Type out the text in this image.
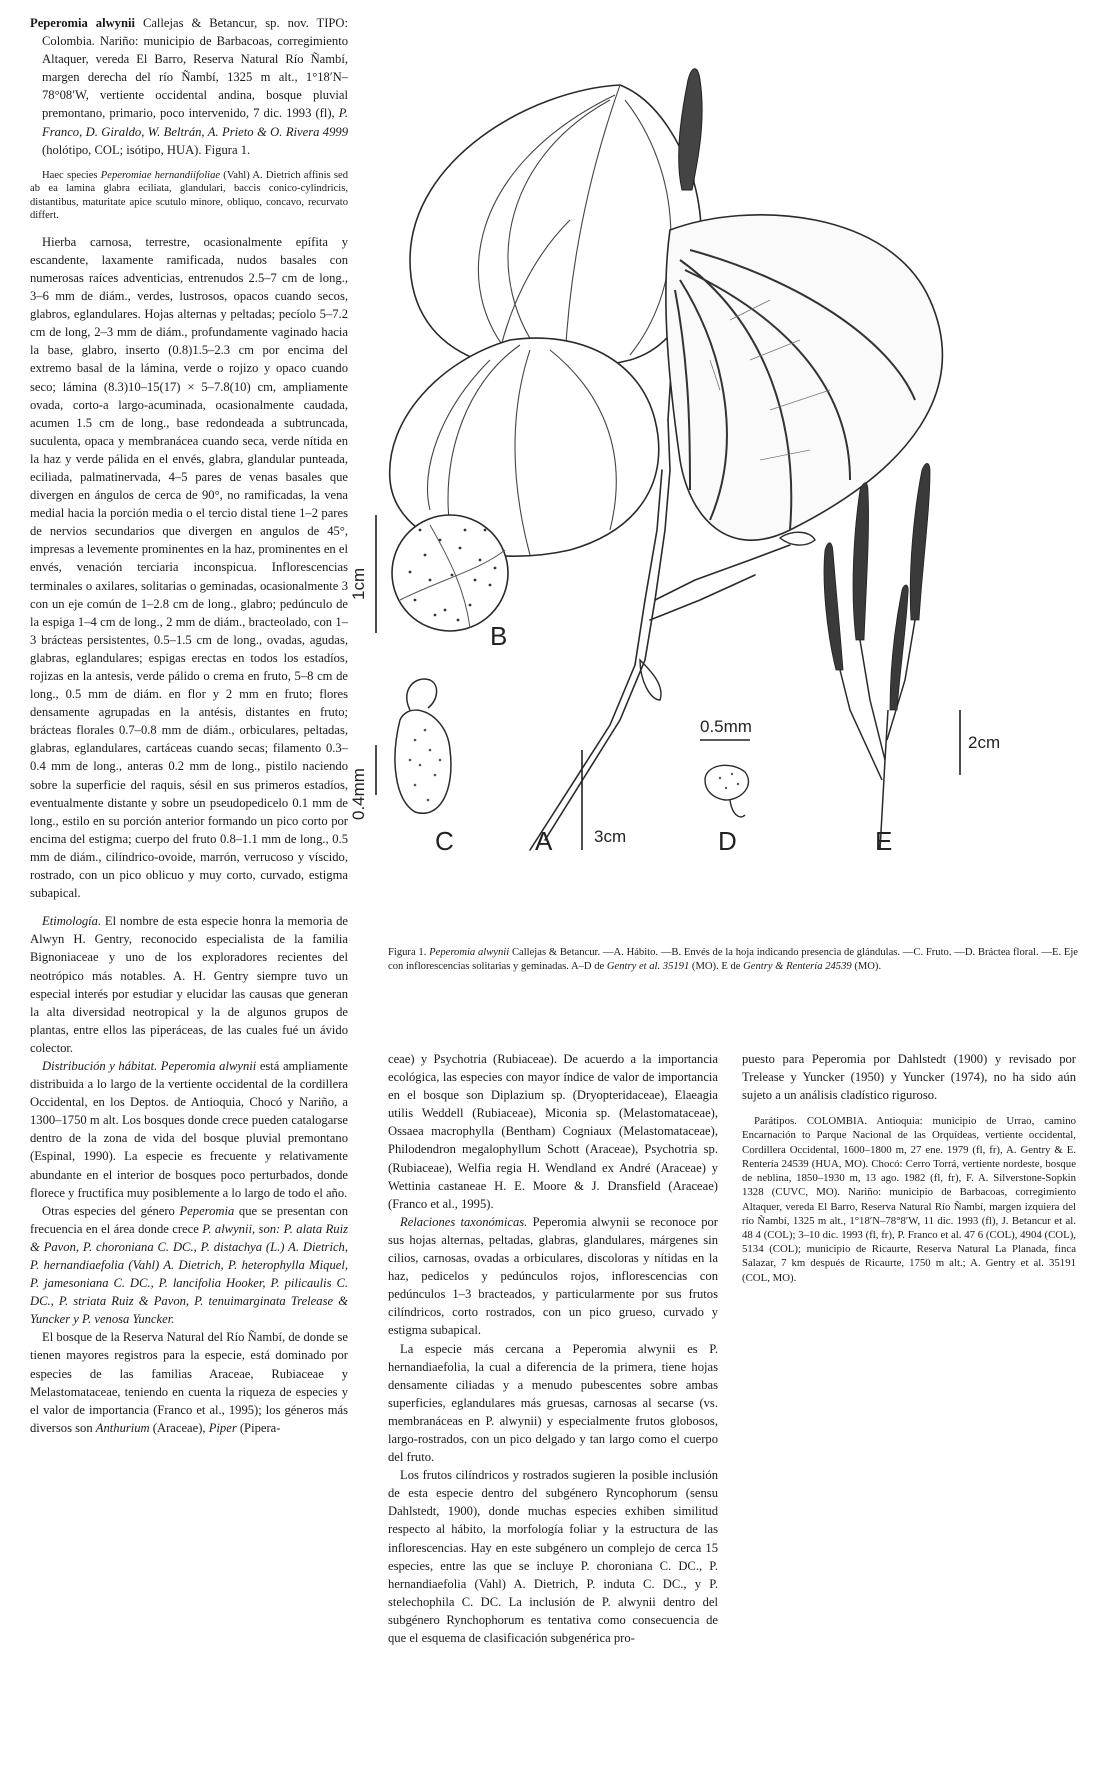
Peperomia alwynii Callejas & Betancur, sp. nov. TIPO: Colombia. Nariño: municipio de Barbacoas, corregimiento Altaquer, vereda El Barro, Reserva Natural Río Ñambí, margen derecha del río Ñambí, 1325 m alt., 1°18′N–78°08′W, vertiente occidental andina, bosque pluvial premontano, primario, poco intervenido, 7 dic. 1993 (fl), P. Franco, D. Giraldo, W. Beltrán, A. Prieto & O. Rivera 4999 (holótipo, COL; isótipo, HUA). Figura 1.

Haec species Peperomiae hernandiifoliae (Vahl) A. Dietrich affinis sed ab ea lamina glabra eciliata, glandulari, baccis conico-cylindricis, distantibus, maturitate apice scutulo minore, obliquo, concavo, recurvato differt.

Hierba carnosa, terrestre, ocasionalmente epífita y escandente, laxamente ramificada, nudos basales con numerosas raíces adventicias, entrenudos 2.5–7 cm de long., 3–6 mm de diám., verdes, lustrosos, opacos cuando secos, glabros, eglandulares. Hojas alternas y peltadas; pecíolo 5–7.2 cm de long, 2–3 mm de diám., profundamente vaginado hacia la base, glabro, inserto (0.8)1.5–2.3 cm por encima del extremo basal de la lámina, verde o rojizo y opaco cuando seco; lámina (8.3)10–15(17) × 5–7.8(10) cm, ampliamente ovada, corto-a largo-acuminada, ocasionalmente caudada, acumen 1.5 cm de long., base redondeada a subtruncada, suculenta, opaca y membranácea cuando seca, verde nítida en la haz y verde pálida en el envés, glabra, glandular punteada, eciliada, palmatinervada, 4–5 pares de venas basales que divergen en ángulos de cerca de 90°, no ramificadas, la vena medial hacia la porción media o el tercio distal tiene 1–2 pares de nervios secundarios que divergen en angulos de 45°, impresas a levemente prominentes en la haz, prominentes en el envés, venación terciaria inconspicua. Inflorescencias terminales o axilares, solitarias o geminadas, ocasionalmente 3 con un eje común de 1–2.8 cm de long., glabro; pedúnculo de la espiga 1–4 cm de long., 2 mm de diám., bracteolado, con 1–3 brácteas persistentes, 0.5–1.5 cm de long., ovadas, agudas, glabras, eglandulares; espigas erectas en todos los estadíos, rojizas en la antesis, verde pálido o crema en fruto, 5–8 cm de long., 0.5 mm de diám. en flor y 2 mm en fruto; flores densamente agrupadas en la antésis, distantes en fruto; brácteas florales 0.7–0.8 mm de diám., orbiculares, peltadas, glabras, eglandulares, cartáceas cuando secas; filamento 0.3–0.4 mm de long., anteras 0.2 mm de long., pistilo naciendo sobre la superficie del raquis, sésil en sus primeros estadíos, eventualmente distante y sobre un pseudopedicelo 0.1 mm de long., estilo en su porción anterior formando un pico corto por encima del estigma; cuerpo del fruto 0.8–1.1 mm de long., 0.5 mm de diám., cilíndrico-ovoide, marrón, verrucoso y víscido, rostrado, con un pico oblicuo y muy corto, curvado, estigma subapical.

Etimología. El nombre de esta especie honra la memoria de Alwyn H. Gentry, reconocido especialista de la familia Bignoniaceae y uno de los exploradores recientes del neotrópico más notables. A. H. Gentry siempre tuvo un especial interés por estudiar y elucidar las causas que generan la alta diversidad neotropical y la de algunos grupos de plantas, entre ellos las piperáceas, de las cuales fué un ávido colector.

Distribución y hábitat. Peperomia alwynii está ampliamente distribuida a lo largo de la vertiente occidental de la cordillera Occidental, en los Deptos. de Antioquia, Chocó y Nariño, a 1300–1750 m alt. Los bosques donde crece pueden catalogarse dentro de la zona de vida del bosque pluvial premontano (Espinal, 1990). La especie es frecuente y relativamente abundante en el interior de bosques poco perturbados, donde florece y fructifica muy posiblemente a lo largo de todo el año.

Otras especies del género Peperomia que se presentan con frecuencia en el área donde crece P. alwynii, son: P. alata Ruiz & Pavon, P. choroniana C. DC., P. distachya (L.) A. Dietrich, P. hernandiaefolia (Vahl) A. Dietrich, P. heterophylla Miquel, P. jamesoniana C. DC., P. lancifolia Hooker, P. pilicaulis C. DC., P. striata Ruiz & Pavon, P. tenuimarginata Trelease & Yuncker y P. venosa Yuncker.

El bosque de la Reserva Natural del Río Ñambí, de donde se tienen mayores registros para la especie, está dominado por especies de las familias Araceae, Rubiaceae y Melastomataceae, teniendo en cuenta la riqueza de especies y el valor de importancia (Franco et al., 1995); los géneros más diversos son Anthurium (Araceae), Piper (Pipera-

1cm
0.4mm
3cm
0.5mm
2cm
B
C	A	D	E
Figura 1. Peperomia alwynii Callejas & Betancur. —A. Hábito. —B. Envés de la hoja indicando presencia de glándulas. —C. Fruto. —D. Bráctea floral. —E. Eje con inflorescencias solitarias y geminadas. A–D de Gentry et al. 35191 (MO). E de Gentry & Rentería 24539 (MO).

ceae) y Psychotria (Rubiaceae). De acuerdo a la importancia ecológica, las especies con mayor índice de valor de importancia en el bosque son Diplazium sp. (Dryopteridaceae), Elaeagia utilis Weddell (Rubiaceae), Miconia sp. (Melastomataceae), Ossaea macrophylla (Bentham) Cogniaux (Melastomataceae), Philodendron megalophyllum Schott (Araceae), Psychotria sp. (Rubiaceae), Welfia regia H. Wendland ex André (Araceae) y Wettinia castaneae H. E. Moore & J. Dransfield (Araceae) (Franco et al., 1995).

Relaciones taxonómicas. Peperomia alwynii se reconoce por sus hojas alternas, peltadas, glabras, glandulares, márgenes sin cilios, carnosas, ovadas a orbiculares, discoloras y nítidas en la haz, pedicelos y pedúnculos rojos, inflorescencias con pedúnculos 1–3 bracteados, y particularmente por sus frutos cilíndricos, corto rostrados, con un pico grueso, curvado y estigma subapical.

La especie más cercana a Peperomia alwynii es P. hernandiaefolia, la cual a diferencia de la primera, tiene hojas densamente ciliadas y a menudo pubescentes sobre ambas superficies, eglandulares más gruesas, carnosas al secarse (vs. membranáceas en P. alwynii) y especialmente frutos globosos, largo-rostrados, con un pico delgado y tan largo como el cuerpo del fruto.

Los frutos cilíndricos y rostrados sugieren la posible inclusión de esta especie dentro del subgénero Ryncophorum (sensu Dahlstedt, 1900), donde muchas especies exhiben similitud respecto al hábito, la morfología foliar y la estructura de las inflorescencias. Hay en este subgénero un complejo de cerca 15 especies, entre las que se incluye P. choroniana C. DC., P. hernandiaefolia (Vahl) A. Dietrich, P. induta C. DC., y P. stelechophila C. DC. La inclusión de P. alwynii dentro del subgénero Rynchophorum es tentativa como consecuencia de que el esquema de clasificación subgenérica pro-

puesto para Peperomia por Dahlstedt (1900) y revisado por Trelease y Yuncker (1950) y Yuncker (1974), no ha sido aún sujeto a un análisis cladístico riguroso.

Parátipos. COLOMBIA. Antioquia: municipio de Urrao, camino Encarnación to Parque Nacional de las Orquídeas, vertiente occidental, Cordillera Occidental, 1600–1800 m, 27 ene. 1979 (fl, fr), A. Gentry & E. Rentería 24539 (HUA, MO). Chocó: Cerro Torrá, vertiente nordeste, bosque de neblina, 1850–1930 m, 13 ago. 1982 (fl, fr), F. A. Silverstone-Sopkin 1328 (CUVC, MO). Nariño: municipio de Barbacoas, corregimiento Altaquer, vereda El Barro, Reserva Natural Río Ñambí, margen izquiera del río Ñambí, 1325 m alt., 1°18′N–78°8′W, 11 dic. 1993 (fl), J. Betancur et al. 48 4 (COL); 3–10 dic. 1993 (fl, fr), P. Franco et al. 47 6 (COL), 4904 (COL), 5134 (COL); municipio de Ricaurte, Reserva Natural La Planada, finca Salazar, 7 km después de Ricaurte, 1750 m alt.; A. Gentry et al. 35191 (COL, MO).
